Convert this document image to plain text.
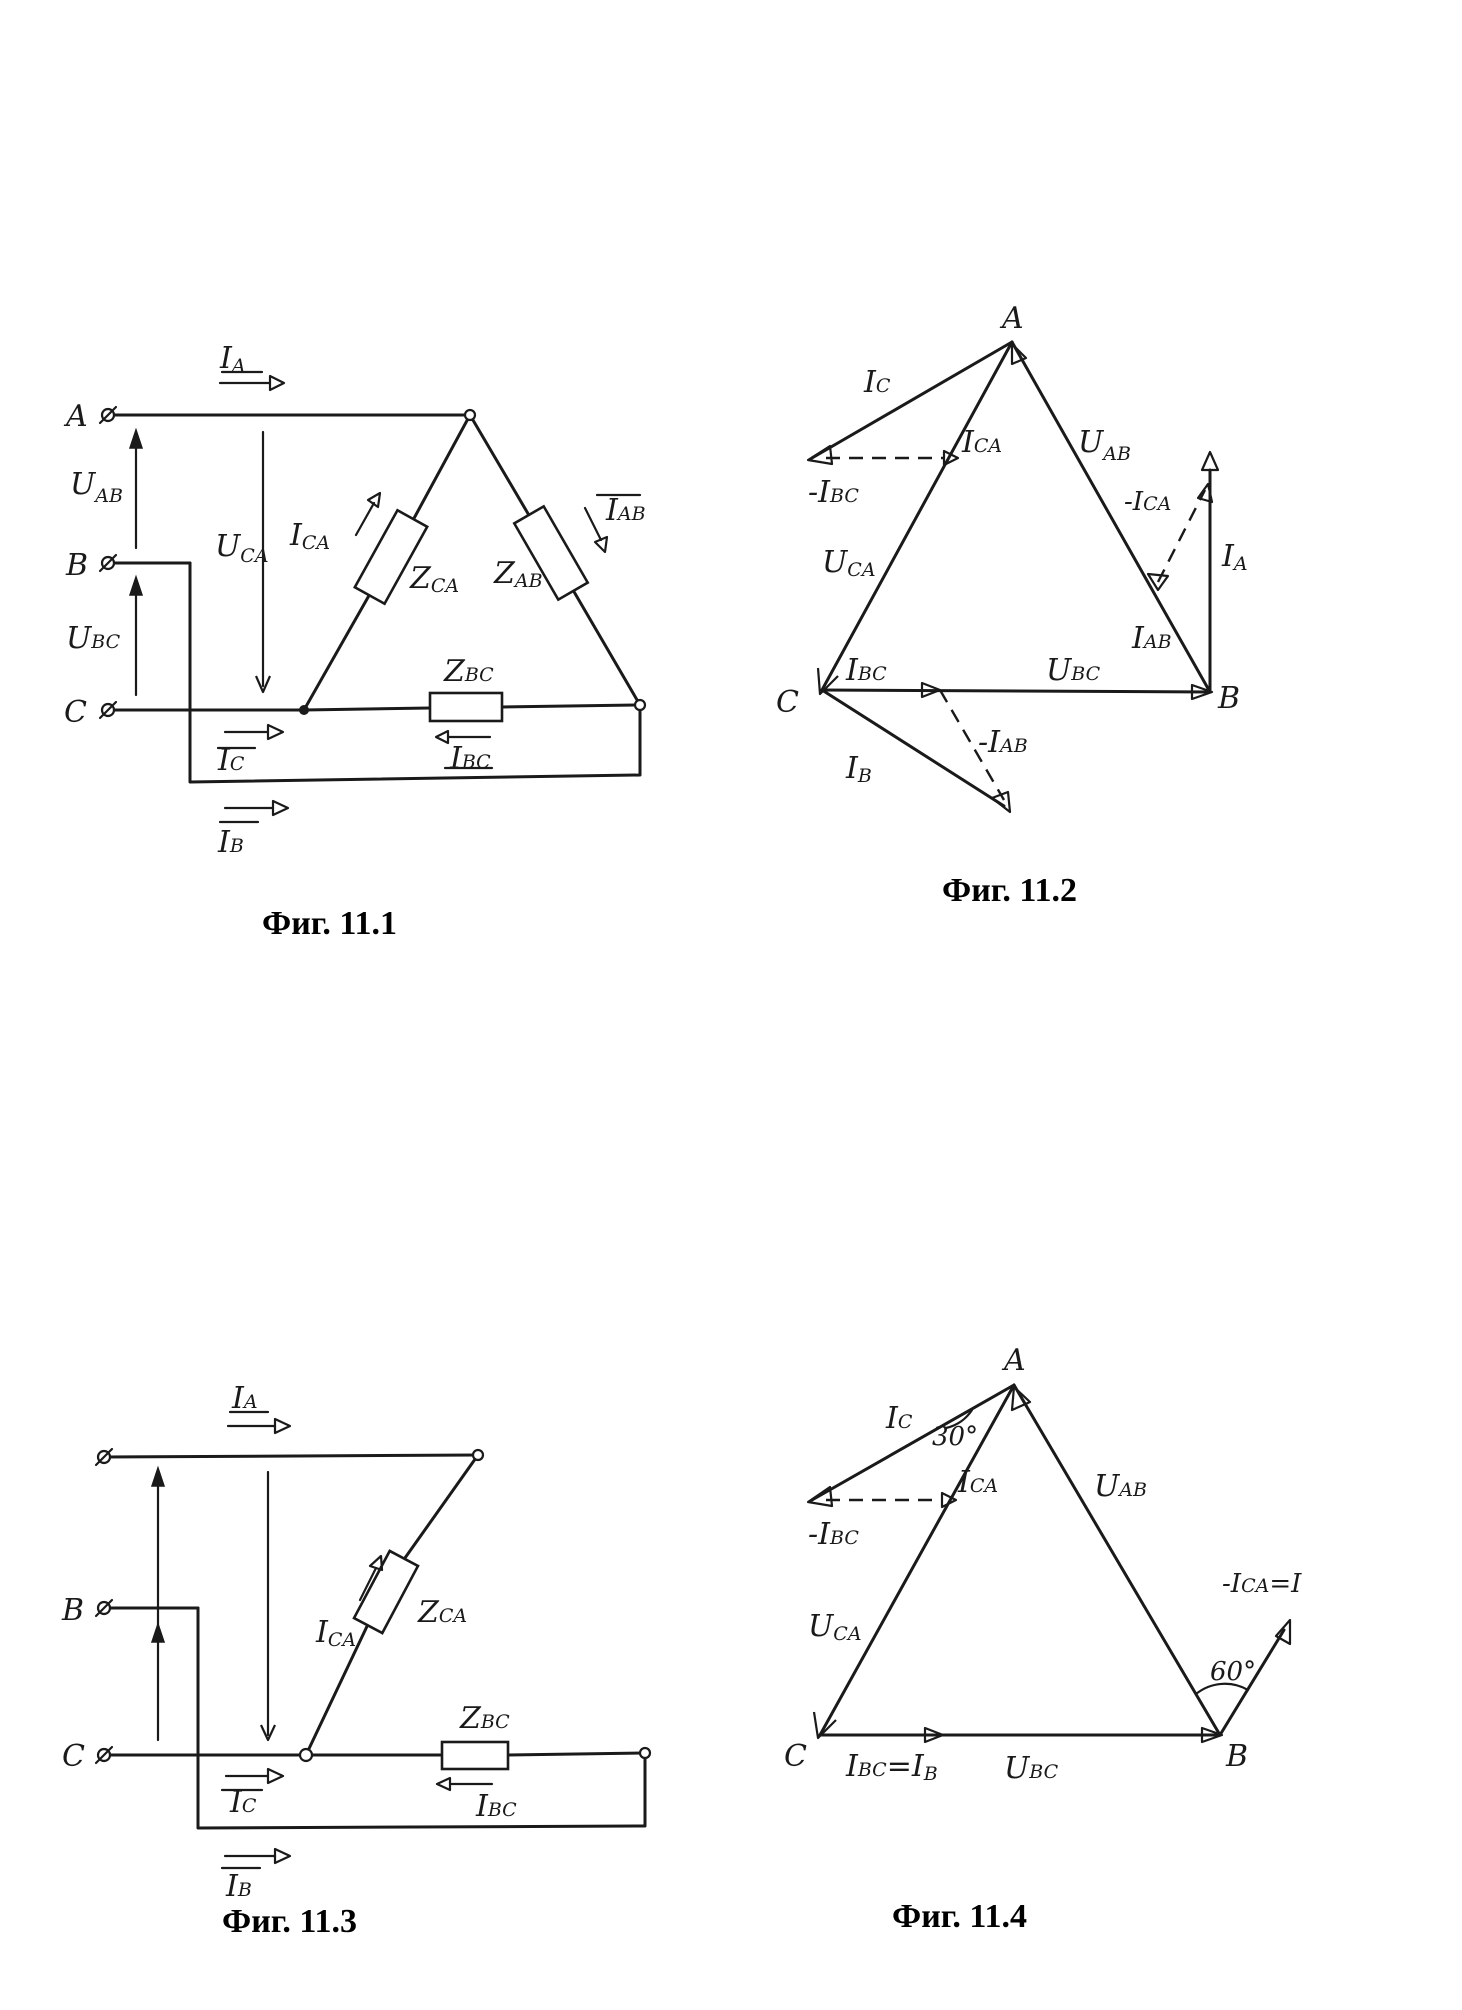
A
B
C
IA
$U_{AB}$
UBC
$U_{CA}$
ICA
ZCA ZAB
IAB
ZBC
IC	IBC
IB
A
B
C
IC
ICA
-IBC
$U_{AB}$
-ICA
UCA	IA
IAB
IBC	UBC
-IAB
IB
B
C
IA
ICA
ZCA
ZBC
IC	IBC
IB
A
B
C
IC 30°
ICA
-IBC
UAB
-ICA=I
UCA
60°
IBC=IB UBC
Фиг. 11.1
Фиг. 11.2
Фиг. 11.3	Фиг. 11.4
